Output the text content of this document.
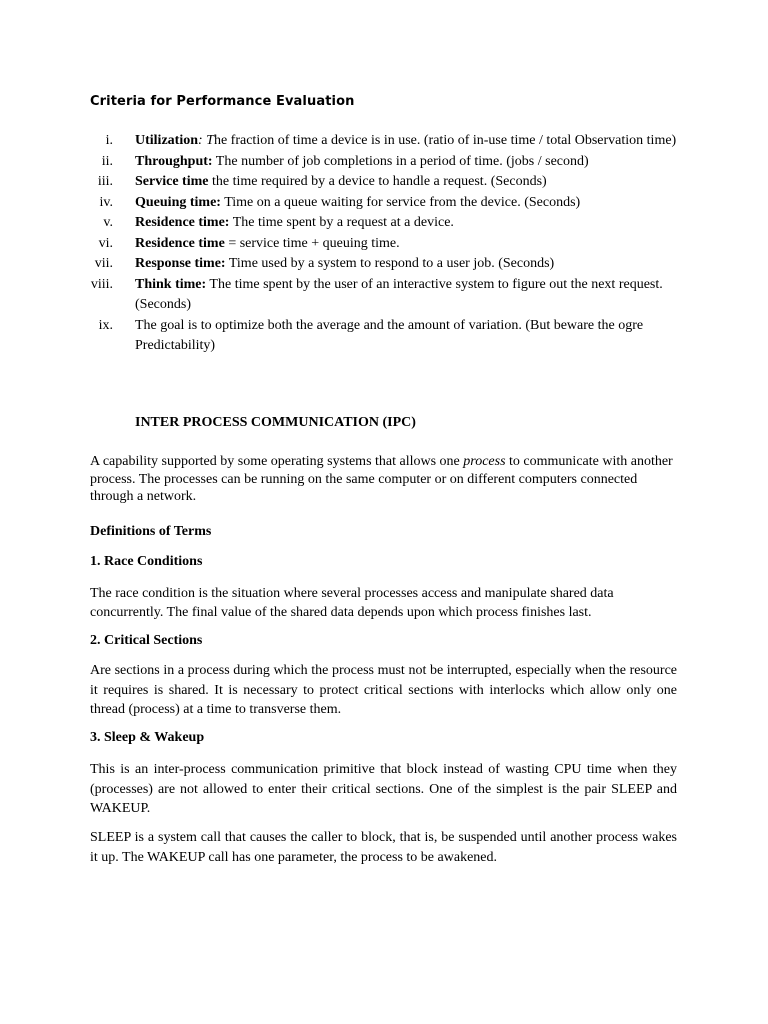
Criteria for Performance Evaluation
i. Utilization: The fraction of time a device is in use. (ratio of in-use time / total Observation time)
ii. Throughput: The number of job completions in a period of time. (jobs / second)
iii. Service time the time required by a device to handle a request. (Seconds)
iv. Queuing time: Time on a queue waiting for service from the device. (Seconds)
v. Residence time: The time spent by a request at a device.
vi. Residence time = service time + queuing time.
vii. Response time: Time used by a system to respond to a user job. (Seconds)
viii. Think time: The time spent by the user of an interactive system to figure out the next request. (Seconds)
ix. The goal is to optimize both the average and the amount of variation. (But beware the ogre Predictability)
INTER PROCESS COMMUNICATION (IPC)
A capability supported by some operating systems that allows one process to communicate with another process. The processes can be running on the same computer or on different computers connected through a network.
Definitions of Terms
1. Race Conditions
The race condition is the situation where several processes access and manipulate shared data concurrently. The final value of the shared data depends upon which process finishes last.
2. Critical Sections
Are sections in a process during which the process must not be interrupted, especially when the resource it requires is shared. It is necessary to protect critical sections with interlocks which allow only one thread (process) at a time to transverse them.
3. Sleep & Wakeup
This is an inter-process communication primitive that block instead of wasting CPU time when they (processes) are not allowed to enter their critical sections. One of the simplest is the pair SLEEP and WAKEUP.
SLEEP is a system call that causes the caller to block, that is, be suspended until another process wakes it up. The WAKEUP call has one parameter, the process to be awakened.
